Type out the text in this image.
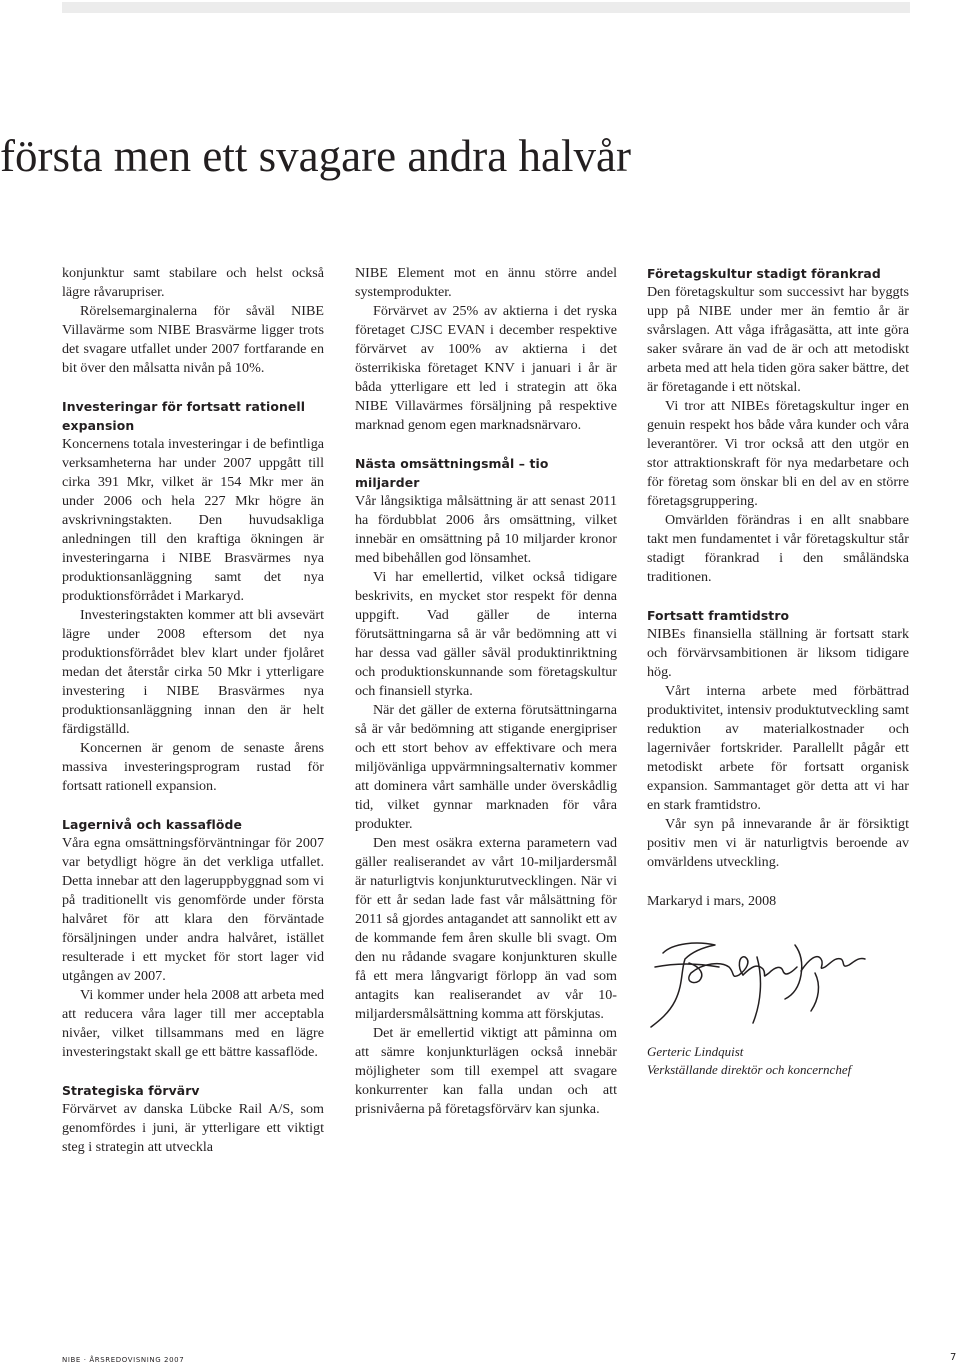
första men ett svagare andra halvår

konjunktur samt stabilare och helst också lägre råvarupriser.

Rörelsemarginalerna för såväl NIBE Villavärme som NIBE Brasvärme ligger trots det svagare utfallet under 2007 fortfarande en bit över den målsatta nivån på 10%.

Investeringar för fortsatt rationell expansion

Koncernens totala investeringar i de befintliga verksamheterna har under 2007 uppgått till cirka 391 Mkr, vilket är 154 Mkr mer än under 2006 och hela 227 Mkr högre än avskrivningstakten. Den huvudsakliga anledningen till den kraftiga ökningen är investeringarna i NIBE Brasvärmes nya produktionsanläggning samt det nya produktionsförrådet i Markaryd.

Investeringstakten kommer att bli avsevärt lägre under 2008 eftersom det nya produktionsförrådet blev klart under fjolåret medan det återstår cirka 50 Mkr i ytterligare investering i NIBE Brasvärmes nya produktionsanläggning innan den är helt färdigställd.

Koncernen är genom de senaste årens massiva investeringsprogram rustad för fortsatt rationell expansion.

Lagernivå och kassaflöde

Våra egna omsättningsförväntningar för 2007 var betydligt högre än det verkliga utfallet. Detta innebar att den lageruppbyggnad som vi på traditionellt vis genomförde under första halvåret för att klara den förväntade försäljningen under andra halvåret, istället resulterade i ett mycket för stort lager vid utgången av 2007.

Vi kommer under hela 2008 att arbeta med att reducera våra lager till mer acceptabla nivåer, vilket tillsammans med en lägre investeringstakt skall ge ett bättre kassaflöde.

Strategiska förvärv

Förvärvet av danska Lübcke Rail A/S, som genomfördes i juni, är ytterligare ett viktigt steg i strategin att utveckla

NIBE Element mot en ännu större andel systemprodukter.

Förvärvet av 25% av aktierna i det ryska företaget CJSC EVAN i december respektive förvärvet av 100% av aktierna i det österrikiska företaget KNV i januari i år är båda ytterligare ett led i strategin att öka NIBE Villavärmes försäljning på respektive marknad genom egen marknadsnärvaro.

Nästa omsättningsmål – tio miljarder

Vår långsiktiga målsättning är att senast 2011 ha fördubblat 2006 års omsättning, vilket innebär en omsättning på 10 miljarder kronor med bibehållen god lönsamhet.

Vi har emellertid, vilket också tidigare beskrivits, en mycket stor respekt för denna uppgift. Vad gäller de interna förutsättningarna så är vår bedömning att vi har dessa vad gäller såväl produktinriktning och produktionskunnande som företagskultur och finansiell styrka.

När det gäller de externa förutsättningarna så är vår bedömning att stigande energipriser och ett stort behov av effektivare och mera miljövänliga uppvärmningsalternativ kommer att dominera vårt samhälle under överskådlig tid, vilket gynnar marknaden för våra produkter.

Den mest osäkra externa parametern vad gäller realiserandet av vårt 10-miljardersmål är naturligtvis konjunkturutvecklingen. När vi för ett år sedan lade fast vår målsättning för 2011 så gjordes antagandet att sannolikt ett av de kommande fem åren skulle bli svagt. Om den nu rådande svagare konjunkturen skulle få ett mera långvarigt förlopp än vad som antagits kan realiserandet av vår 10-miljardersmålsättning komma att förskjutas.

Det är emellertid viktigt att påminna om att sämre konjunkturlägen också innebär möjligheter som till exempel att svagare konkurrenter kan falla undan och att prisnivåerna på företagsförvärv kan sjunka.

Företagskultur stadigt förankrad

Den företagskultur som successivt har byggts upp på NIBE under mer än femtio år är svårslagen. Att våga ifrågasätta, att inte göra saker svårare än vad de är och att metodiskt arbeta med att hela tiden göra saker bättre, det är företagande i ett nötskal.

Vi tror att NIBEs företagskultur inger en genuin respekt hos både våra kunder och våra leverantörer. Vi tror också att den utgör en stor attraktionskraft för nya medarbetare och för företag som önskar bli en del av en större företagsgruppering.

Omvärlden förändras i en allt snabbare takt men fundamentet i vår företagskultur står stadigt förankrad i den småländska traditionen.

Fortsatt framtidstro

NIBEs finansiella ställning är fortsatt stark och förvärvsambitionen är liksom tidigare hög.

Vårt interna arbete med förbättrad produktivitet, intensiv produktutveckling samt reduktion av materialkostnader och lagernivåer fortskrider. Parallellt pågår ett metodiskt arbete för fortsatt organisk expansion. Sammantaget gör detta att vi har en stark framtidstro.

Vår syn på innevarande år är försiktigt positiv men vi är naturligtvis beroende av omvärldens utveckling.

Markaryd i mars, 2008

Gerteric Lindquist

Verkställande direktör och koncernchef

NIBE · ÅRSREDOVISNING 2007	7
